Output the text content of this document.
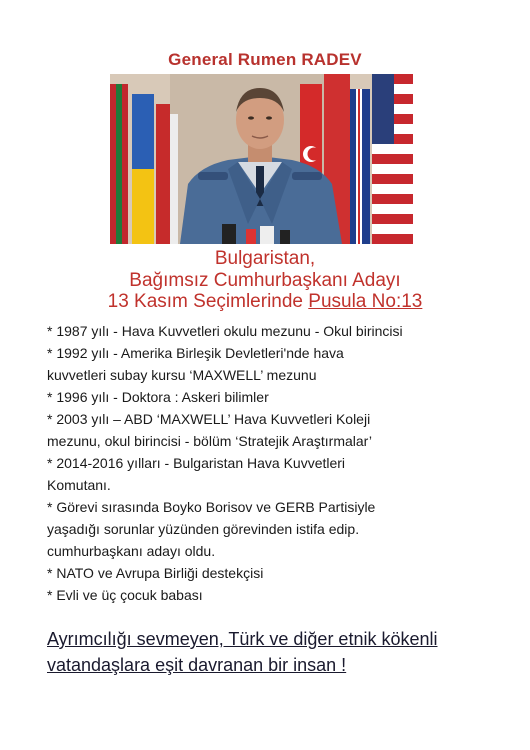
General Rumen RADEV
Bulgaristan,
Bağımsız Cumhurbaşkanı Adayı
13 Kasım Seçimlerinde Pusula No:13
* 1987 yılı - Hava Kuvvetleri okulu mezunu - Okul birincisi
* 1992 yılı - Amerika Birleşik Devletleri'nde hava
kuvvetleri subay kursu ‘MAXWELL’ mezunu
* 1996 yılı - Doktora : Askeri bilimler
* 2003 yılı – ABD ‘MAXWELL’ Hava Kuvvetleri Koleji
mezunu, okul birincisi - bölüm ‘Stratejik Araştırmalar’
* 2014-2016 yılları - Bulgaristan Hava Kuvvetleri
Komutanı.
* Görevi sırasında Boyko Borisov ve GERB Partisiyle
yaşadığı sorunlar yüzünden görevinden istifa edip.
cumhurbaşkanı adayı oldu.
* NATO ve Avrupa Birliği destekçisi
* Evli ve üç çocuk babası
Ayrımcılığı sevmeyen, Türk ve diğer etnik kökenli
vatandaşlara eşit davranan bir insan !
